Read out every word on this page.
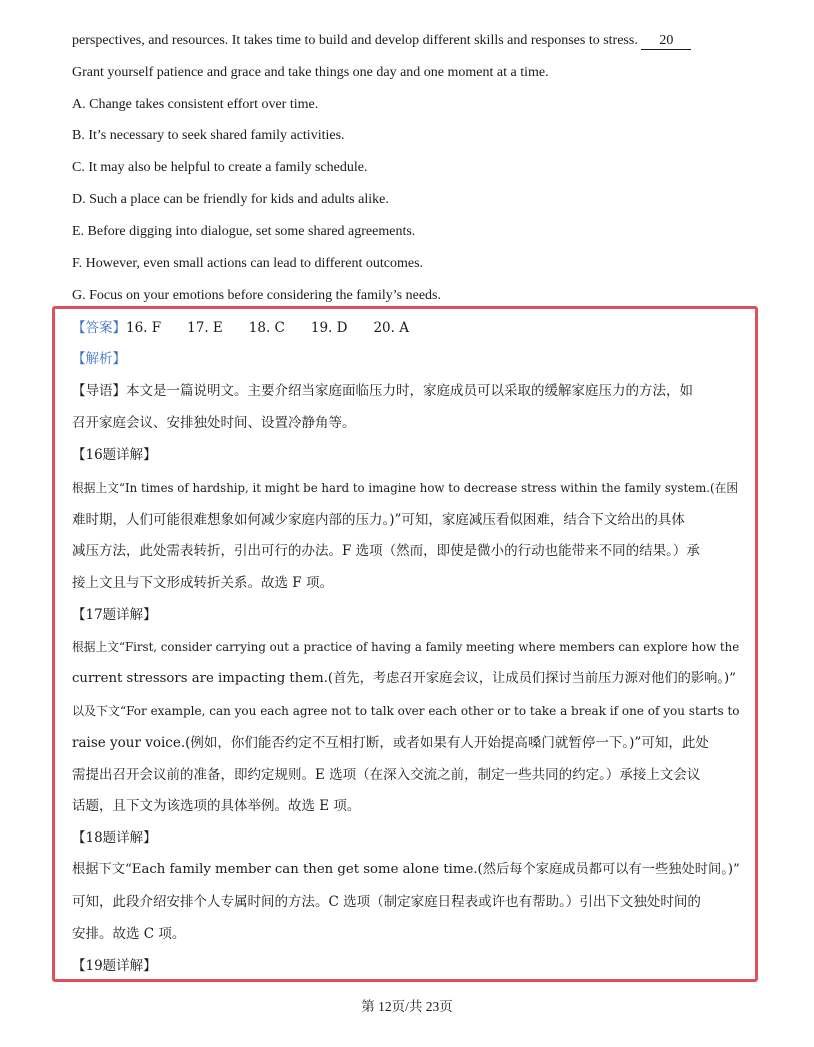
perspectives, and resources. It takes time to build and develop different skills and responses to stress. 20
Grant yourself patience and grace and take things one day and one moment at a time.
A. Change takes consistent effort over time.
B. It’s necessary to seek shared family activities.
C. It may also be helpful to create a family schedule.
D. Such a place can be friendly for kids and adults alike.
E. Before digging into dialogue, set some shared agreements.
F. However, even small actions can lead to different outcomes.
G. Focus on your emotions before considering the family’s needs.
【答案】16. F 17. E 18. C 19. D 20. A
【解析】
【导语】本文是一篇说明文。主要介绍当家庭面临压力时，家庭成员可以采取的缓解家庭压力的方法，如
召开家庭会议、安排独处时间、设置冷静角等。
【16题详解】
根据上文“In times of hardship, it might be hard to imagine how to decrease stress within the family system.(在困
难时期，人们可能很难想象如何减少家庭内部的压力。)”可知，家庭减压看似困难，结合下文给出的具体
减压方法，此处需表转折，引出可行的办法。F 选项（然而，即使是微小的行动也能带来不同的结果。）承
接上文且与下文形成转折关系。故选 F 项。
【17题详解】
根据上文“First, consider carrying out a practice of having a family meeting where members can explore how the
current stressors are impacting them.(首先，考虑召开家庭会议，让成员们探讨当前压力源对他们的影响。)”
以及下文“For example, can you each agree not to talk over each other or to take a break if one of you starts to
raise your voice.(例如，你们能否约定不互相打断，或者如果有人开始提高嗓门就暂停一下。)”可知，此处
需提出召开会议前的准备，即约定规则。E 选项（在深入交流之前，制定一些共同的约定。）承接上文会议
话题，且下文为该选项的具体举例。故选 E 项。
【18题详解】
根据下文“Each family member can then get some alone time.(然后每个家庭成员都可以有一些独处时间。)”
可知，此段介绍安排个人专属时间的方法。C 选项（制定家庭日程表或许也有帮助。）引出下文独处时间的
安排。故选 C 项。
【19题详解】
第 12页/共 23页
